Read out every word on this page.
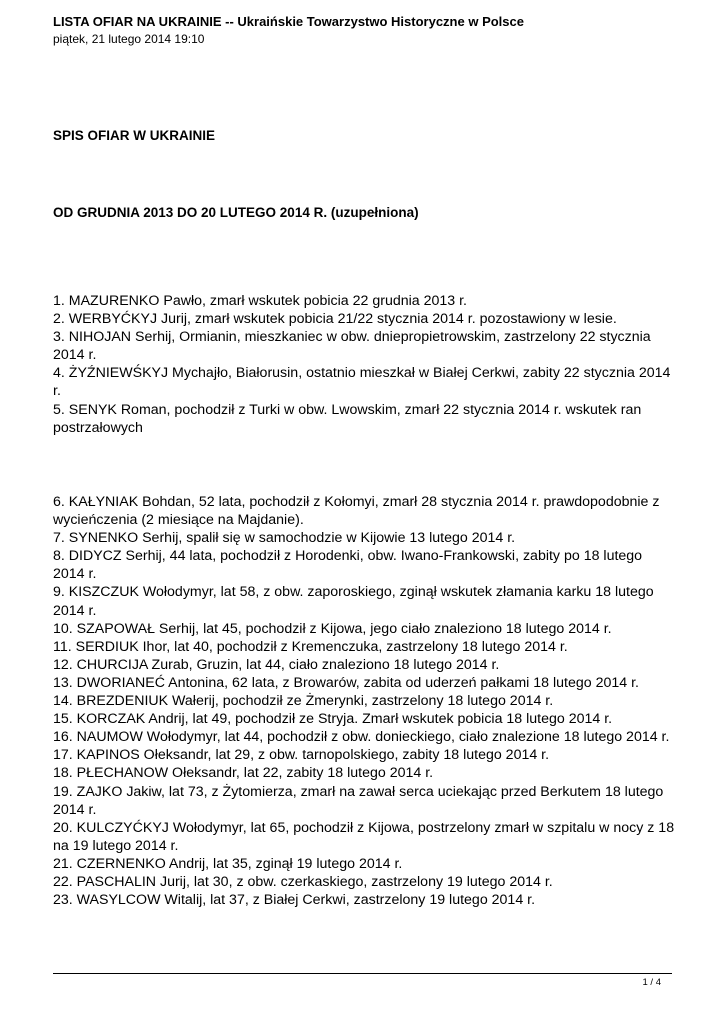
LISTA OFIAR NA UKRAINIE -- Ukraińskie Towarzystwo Historyczne w Polsce
piątek, 21 lutego 2014 19:10
SPIS OFIAR W UKRAINIE
OD GRUDNIA 2013 DO 20 LUTEGO 2014 R. (uzupełniona)

1. MAZURENKO Pawło, zmarł wskutek pobicia 22 grudnia 2013 r.

2. WERBYĆKYJ Jurij, zmarł wskutek pobicia 21/22 stycznia 2014 r. pozostawiony w lesie.

3. NIHOJAN Serhij, Ormianin, mieszkaniec w obw. dniepropietrowskim, zastrzelony 22 stycznia 2014 r.

4. ŻYŹNIEWŚKYJ Mychajło, Białorusin, ostatnio mieszkał w Białej Cerkwi, zabity 22 stycznia 2014 r.

5. SENYK Roman, pochodził z Turki w obw. Lwowskim, zmarł 22 stycznia 2014 r. wskutek ran postrzałowych

6. KAŁYNIAK Bohdan, 52 lata, pochodził z Kołomyi, zmarł 28 stycznia 2014 r. prawdopodobnie z wycieńczenia (2 miesiące na Majdanie).

7. SYNENKO Serhij, spalił się w samochodzie w Kijowie 13 lutego 2014 r.

8. DIDYCZ Serhij, 44 lata, pochodził z Horodenki, obw. Iwano-Frankowski, zabity po 18 lutego 2014 r.

9. KISZCZUK Wołodymyr, lat 58, z obw. zaporoskiego, zginął wskutek złamania karku 18 lutego 2014 r.

10. SZAPOWAŁ Serhij, lat 45, pochodził z Kijowa, jego ciało znaleziono 18 lutego 2014 r.

11. SERDIUK Ihor, lat 40, pochodził z Kremenczuka, zastrzelony 18 lutego 2014 r.

12. CHURCIJA Zurab, Gruzin, lat 44, ciało znaleziono 18 lutego 2014 r.

13. DWORIANEĆ Antonina, 62 lata, z Browarów, zabita od uderzeń pałkami 18 lutego 2014 r.

14. BREZDENIUK Wałerij, pochodził ze Żmerynki, zastrzelony 18 lutego 2014 r.

15. KORCZAK Andrij, lat 49, pochodził ze Stryja. Zmarł wskutek pobicia 18 lutego 2014 r.

16. NAUMOW Wołodymyr, lat 44, pochodził z obw. donieckiego, ciało znalezione 18 lutego 2014 r.

17. KAPINOS Ołeksandr, lat 29, z obw. tarnopolskiego, zabity 18 lutego 2014 r.

18. PŁECHANOW Ołeksandr, lat 22, zabity 18 lutego 2014 r.

19. ZAJKO Jakiw, lat 73, z Żytomierza, zmarł na zawał serca uciekając przed Berkutem 18 lutego 2014 r.

20. KULCZYĆKYJ Wołodymyr, lat 65, pochodził z Kijowa, postrzelony zmarł w szpitalu w nocy z 18 na 19 lutego 2014 r.

21. CZERNENKO Andrij, lat 35, zginął 19 lutego 2014 r.

22. PASCHALIN Jurij, lat 30, z obw. czerkaskiego, zastrzelony 19 lutego 2014 r.

23. WASYLCOW Witalij, lat 37, z Białej Cerkwi, zastrzelony 19 lutego 2014 r.

1 / 4
